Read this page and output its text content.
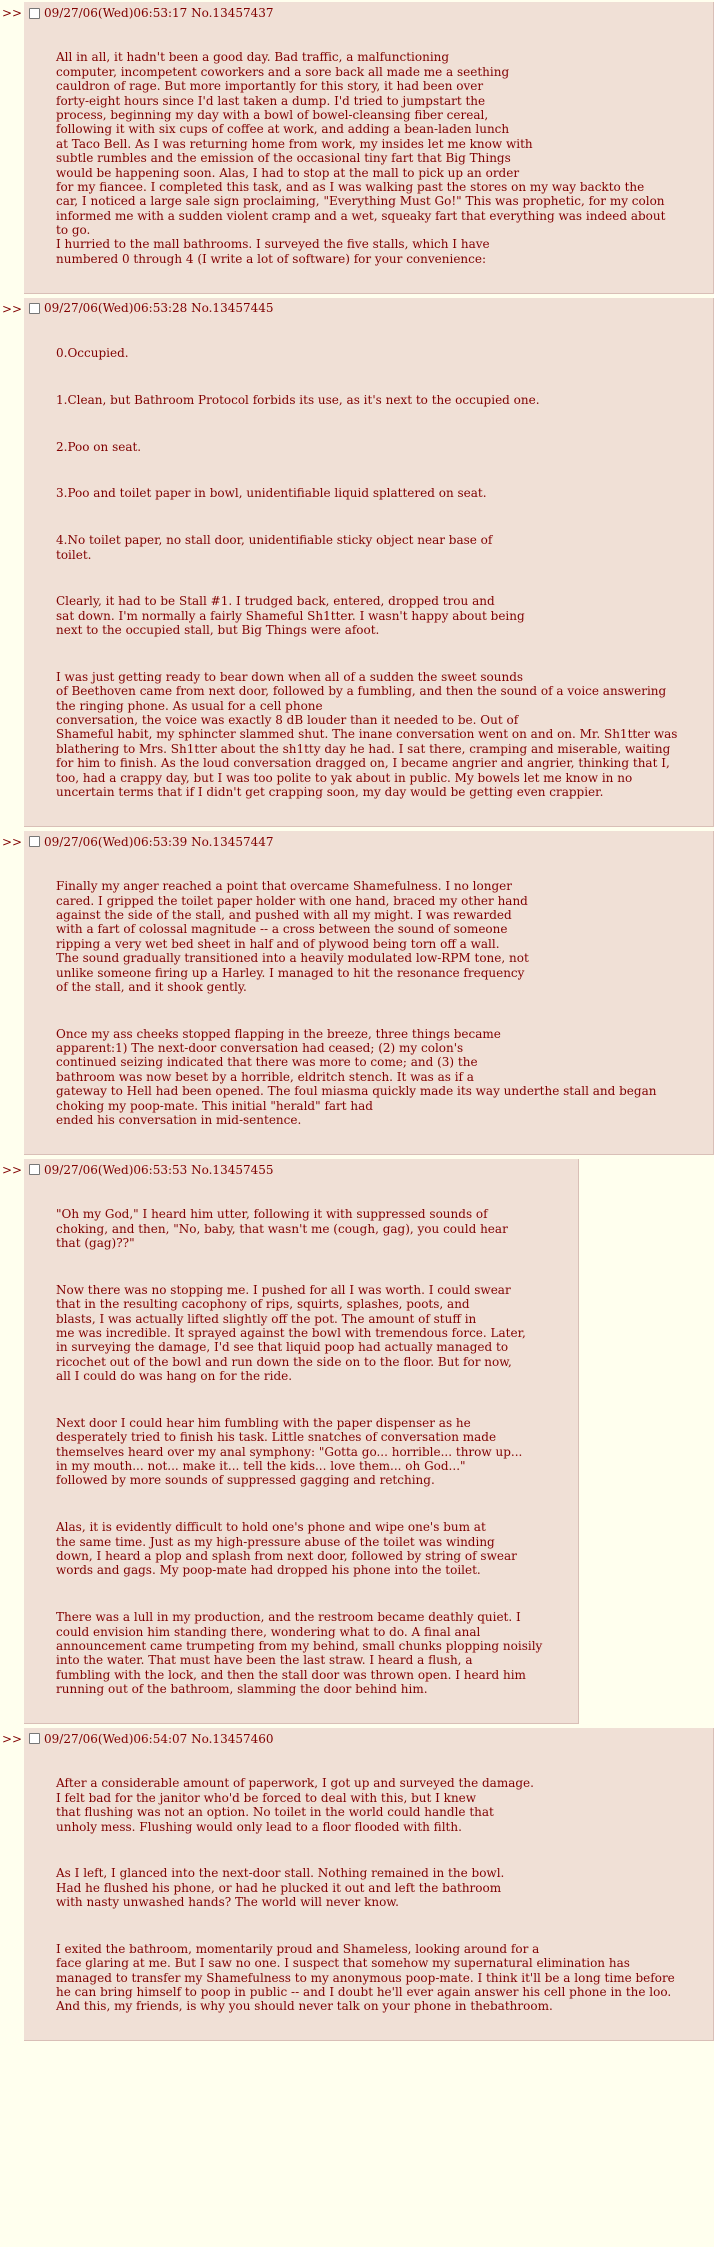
>> 09/27/06(Wed)06:53:17 No.13457437

All in all, it hadn't been a good day. Bad traffic, a malfunctioning
computer, incompetent coworkers and a sore back all made me a seething
cauldron of rage. But more importantly for this story, it had been over
forty-eight hours since I'd last taken a dump. I'd tried to jumpstart the
process, beginning my day with a bowl of bowel-cleansing fiber cereal,
following it with six cups of coffee at work, and adding a bean-laden lunch
at Taco Bell. As I was returning home from work, my insides let me know with
subtle rumbles and the emission of the occasional tiny fart that Big Things
would be happening soon. Alas, I had to stop at the mall to pick up an order
for my fiancee. I completed this task, and as I was walking past the stores on my way backto the
car, I noticed a large sale sign proclaiming, "Everything Must Go!" This was prophetic, for my colon
informed me with a sudden violent cramp and a wet, squeaky fart that everything was indeed about
to go.
I hurried to the mall bathrooms. I surveyed the five stalls, which I have
numbered 0 through 4 (I write a lot of software) for your convenience:

>> 09/27/06(Wed)06:53:28 No.13457445

0.Occupied.

1.Clean, but Bathroom Protocol forbids its use, as it's next to the occupied one.

2.Poo on seat.

3.Poo and toilet paper in bowl, unidentifiable liquid splattered on seat.

4.No toilet paper, no stall door, unidentifiable sticky object near base of
toilet.

Clearly, it had to be Stall #1. I trudged back, entered, dropped trou and
sat down. I'm normally a fairly Shameful Sh1tter. I wasn't happy about being
next to the occupied stall, but Big Things were afoot.

I was just getting ready to bear down when all of a sudden the sweet sounds
of Beethoven came from next door, followed by a fumbling, and then the sound of a voice answering
the ringing phone. As usual for a cell phone
conversation, the voice was exactly 8 dB louder than it needed to be. Out of
Shameful habit, my sphincter slammed shut. The inane conversation went on and on. Mr. Sh1tter was
blathering to Mrs. Sh1tter about the sh1tty day he had. I sat there, cramping and miserable, waiting
for him to finish. As the loud conversation dragged on, I became angrier and angrier, thinking that I,
too, had a crappy day, but I was too polite to yak about in public. My bowels let me know in no
uncertain terms that if I didn't get crapping soon, my day would be getting even crappier.

>> 09/27/06(Wed)06:53:39 No.13457447

Finally my anger reached a point that overcame Shamefulness. I no longer
cared. I gripped the toilet paper holder with one hand, braced my other hand
against the side of the stall, and pushed with all my might. I was rewarded
with a fart of colossal magnitude -- a cross between the sound of someone
ripping a very wet bed sheet in half and of plywood being torn off a wall.
The sound gradually transitioned into a heavily modulated low-RPM tone, not
unlike someone firing up a Harley. I managed to hit the resonance frequency
of the stall, and it shook gently.

Once my ass cheeks stopped flapping in the breeze, three things became
apparent:1) The next-door conversation had ceased; (2) my colon's
continued seizing indicated that there was more to come; and (3) the
bathroom was now beset by a horrible, eldritch stench. It was as if a
gateway to Hell had been opened. The foul miasma quickly made its way underthe stall and began
choking my poop-mate. This initial "herald" fart had
ended his conversation in mid-sentence.

>> 09/27/06(Wed)06:53:53 No.13457455

"Oh my God," I heard him utter, following it with suppressed sounds of
choking, and then, "No, baby, that wasn't me (cough, gag), you could hear
that (gag)??"

Now there was no stopping me. I pushed for all I was worth. I could swear
that in the resulting cacophony of rips, squirts, splashes, poots, and
blasts, I was actually lifted slightly off the pot. The amount of stuff in
me was incredible. It sprayed against the bowl with tremendous force. Later,
in surveying the damage, I'd see that liquid poop had actually managed to
ricochet out of the bowl and run down the side on to the floor. But for now,
all I could do was hang on for the ride.

Next door I could hear him fumbling with the paper dispenser as he
desperately tried to finish his task. Little snatches of conversation made
themselves heard over my anal symphony: "Gotta go... horrible... throw up...
in my mouth... not... make it... tell the kids... love them... oh God..."
followed by more sounds of suppressed gagging and retching.

Alas, it is evidently difficult to hold one's phone and wipe one's bum at
the same time. Just as my high-pressure abuse of the toilet was winding
down, I heard a plop and splash from next door, followed by string of swear
words and gags. My poop-mate had dropped his phone into the toilet.

There was a lull in my production, and the restroom became deathly quiet. I
could envision him standing there, wondering what to do. A final anal
announcement came trumpeting from my behind, small chunks plopping noisily
into the water. That must have been the last straw. I heard a flush, a
fumbling with the lock, and then the stall door was thrown open. I heard him
running out of the bathroom, slamming the door behind him.

>> 09/27/06(Wed)06:54:07 No.13457460

After a considerable amount of paperwork, I got up and surveyed the damage.
I felt bad for the janitor who'd be forced to deal with this, but I knew
that flushing was not an option. No toilet in the world could handle that
unholy mess. Flushing would only lead to a floor flooded with filth.

As I left, I glanced into the next-door stall. Nothing remained in the bowl.
Had he flushed his phone, or had he plucked it out and left the bathroom
with nasty unwashed hands? The world will never know.

I exited the bathroom, momentarily proud and Shameless, looking around for a
face glaring at me. But I saw no one. I suspect that somehow my supernatural elimination has
managed to transfer my Shamefulness to my anonymous poop-mate. I think it'll be a long time before
he can bring himself to poop in public -- and I doubt he'll ever again answer his cell phone in the loo.
And this, my friends, is why you should never talk on your phone in thebathroom.
